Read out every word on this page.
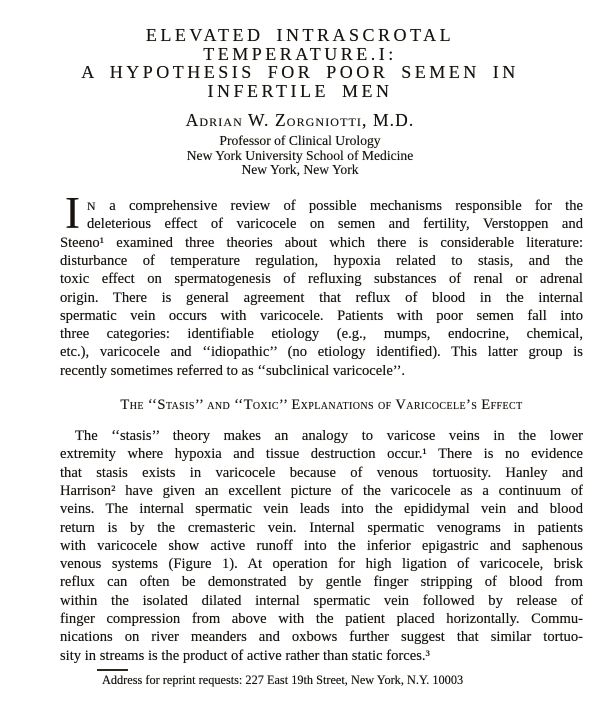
ELEVATED INTRASCROTAL
TEMPERATURE.I:
A HYPOTHESIS FOR POOR SEMEN IN
INFERTILE MEN
Adrian W. Zorgniotti, M.D.
Professor of Clinical Urology
New York University School of Medicine
New York, New York
I N a comprehensive review of possible mechanisms responsible for the
deleterious effect of varicocele on semen and fertility, Verstoppen and
Steeno¹ examined three theories about which there is considerable literature:
disturbance of temperature regulation, hypoxia related to stasis, and the
toxic effect on spermatogenesis of refluxing substances of renal or adrenal
origin. There is general agreement that reflux of blood in the internal
spermatic vein occurs with varicocele. Patients with poor semen fall into
three categories: identifiable etiology (e.g., mumps, endocrine, chemical,
etc.), varicocele and ‘‘idiopathic’’ (no etiology identified). This latter group is
recently sometimes referred to as ‘‘subclinical varicocele’’.
The ‘‘Stasis’’ and ‘‘Toxic’’ Explanations of Varicocele’s Effect
The ‘‘stasis’’ theory makes an analogy to varicose veins in the lower
extremity where hypoxia and tissue destruction occur.¹ There is no evidence
that stasis exists in varicocele because of venous tortuosity. Hanley and
Harrison² have given an excellent picture of the varicocele as a continuum of
veins. The internal spermatic vein leads into the epididymal vein and blood
return is by the cremasteric vein. Internal spermatic venograms in patients
with varicocele show active runoff into the inferior epigastric and saphenous
venous systems (Figure 1). At operation for high ligation of varicocele, brisk
reflux can often be demonstrated by gentle finger stripping of blood from
within the isolated dilated internal spermatic vein followed by release of
finger compression from above with the patient placed horizontally. Commu-
nications on river meanders and oxbows further suggest that similar tortuo-
sity in streams is the product of active rather than static forces.³
Address for reprint requests: 227 East 19th Street, New York, N.Y. 10003
